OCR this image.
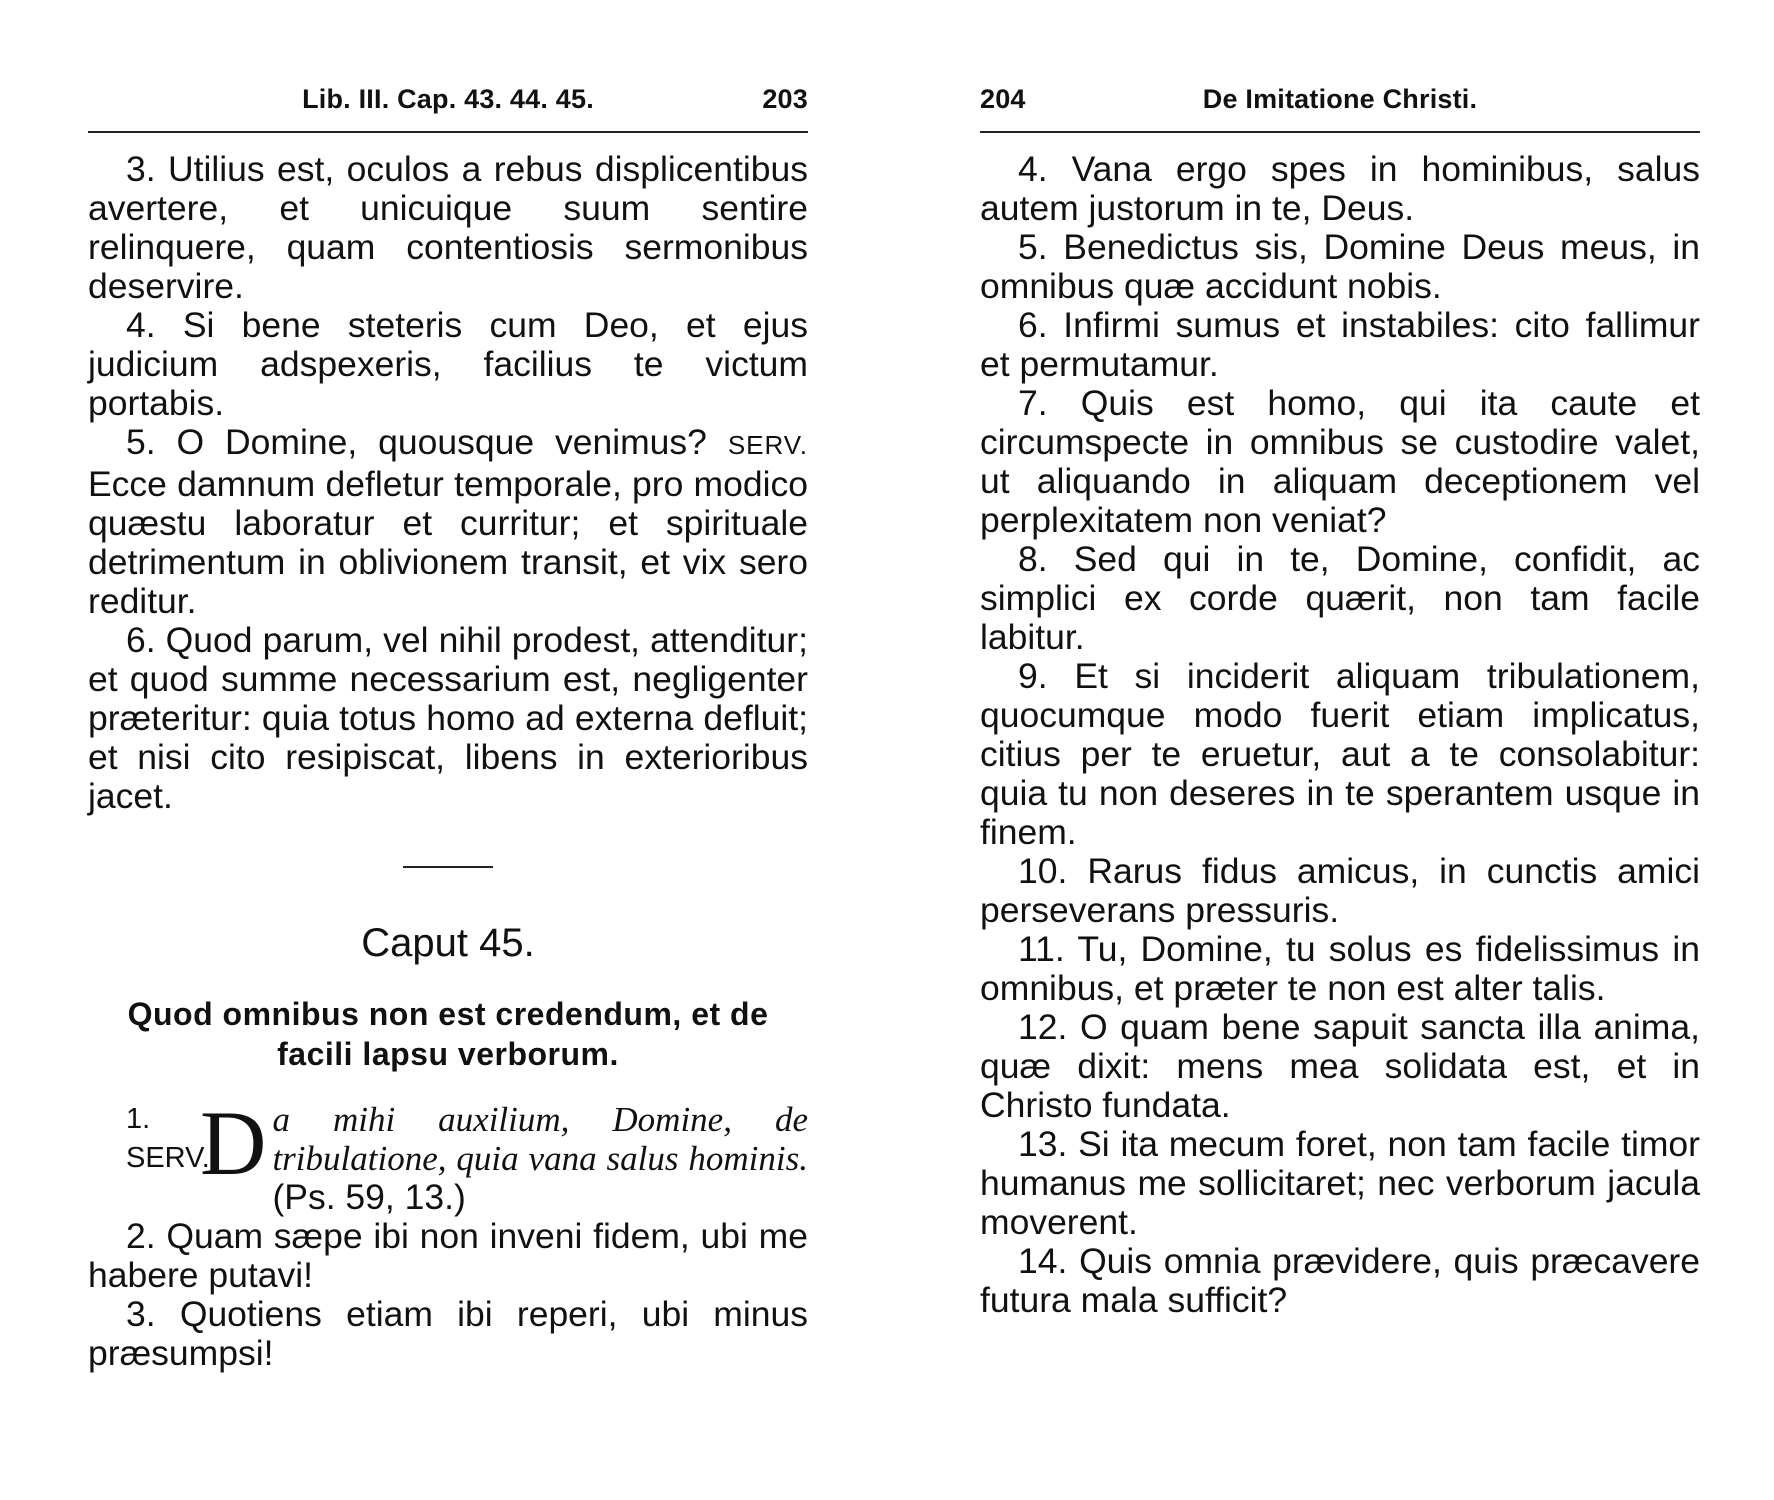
Lib. III. Cap. 43. 44. 45.	203

3. Utilius est, oculos a rebus displicentibus avertere, et unicuique suum sentire relinquere, quam contentiosis sermonibus deservire.

4. Si bene steteris cum Deo, et ejus judicium adspexeris, facilius te victum portabis.

5. O Domine, quousque venimus? SERV. Ecce damnum defletur temporale, pro modico quæstu laboratur et curritur; et spirituale detrimentum in oblivionem transit, et vix sero reditur.

6. Quod parum, vel nihil prodest, attenditur; et quod summe necessarium est, negligenter præteritur: quia totus homo ad externa defluit; et nisi cito resipiscat, libens in exterioribus jacet.

Caput 45.
Quod omnibus non est credendum, et de facili lapsu verborum.
1.
SERV.
D a mihi auxilium, Domine, de tribulatione, quia vana salus hominis. (Ps. 59, 13.)

2. Quam sæpe ibi non inveni fidem, ubi me habere putavi!

3. Quotiens etiam ibi reperi, ubi minus præsumpsi!

204	De Imitatione Christi.

4. Vana ergo spes in hominibus, salus autem justorum in te, Deus.

5. Benedictus sis, Domine Deus meus, in omnibus quæ accidunt nobis.

6. Infirmi sumus et instabiles: cito fallimur et permutamur.

7. Quis est homo, qui ita caute et circumspecte in omnibus se custodire valet, ut aliquando in aliquam deceptionem vel perplexitatem non veniat?

8. Sed qui in te, Domine, confidit, ac simplici ex corde quærit, non tam facile labitur.

9. Et si inciderit aliquam tribulationem, quocumque modo fuerit etiam implicatus, citius per te eruetur, aut a te consolabitur: quia tu non deseres in te sperantem usque in finem.

10. Rarus fidus amicus, in cunctis amici perseverans pressuris.

11. Tu, Domine, tu solus es fidelissimus in omnibus, et præter te non est alter talis.

12. O quam bene sapuit sancta illa anima, quæ dixit: mens mea solidata est, et in Christo fundata.

13. Si ita mecum foret, non tam facile timor humanus me sollicitaret; nec verborum jacula moverent.

14. Quis omnia prævidere, quis præcavere futura mala sufficit?
